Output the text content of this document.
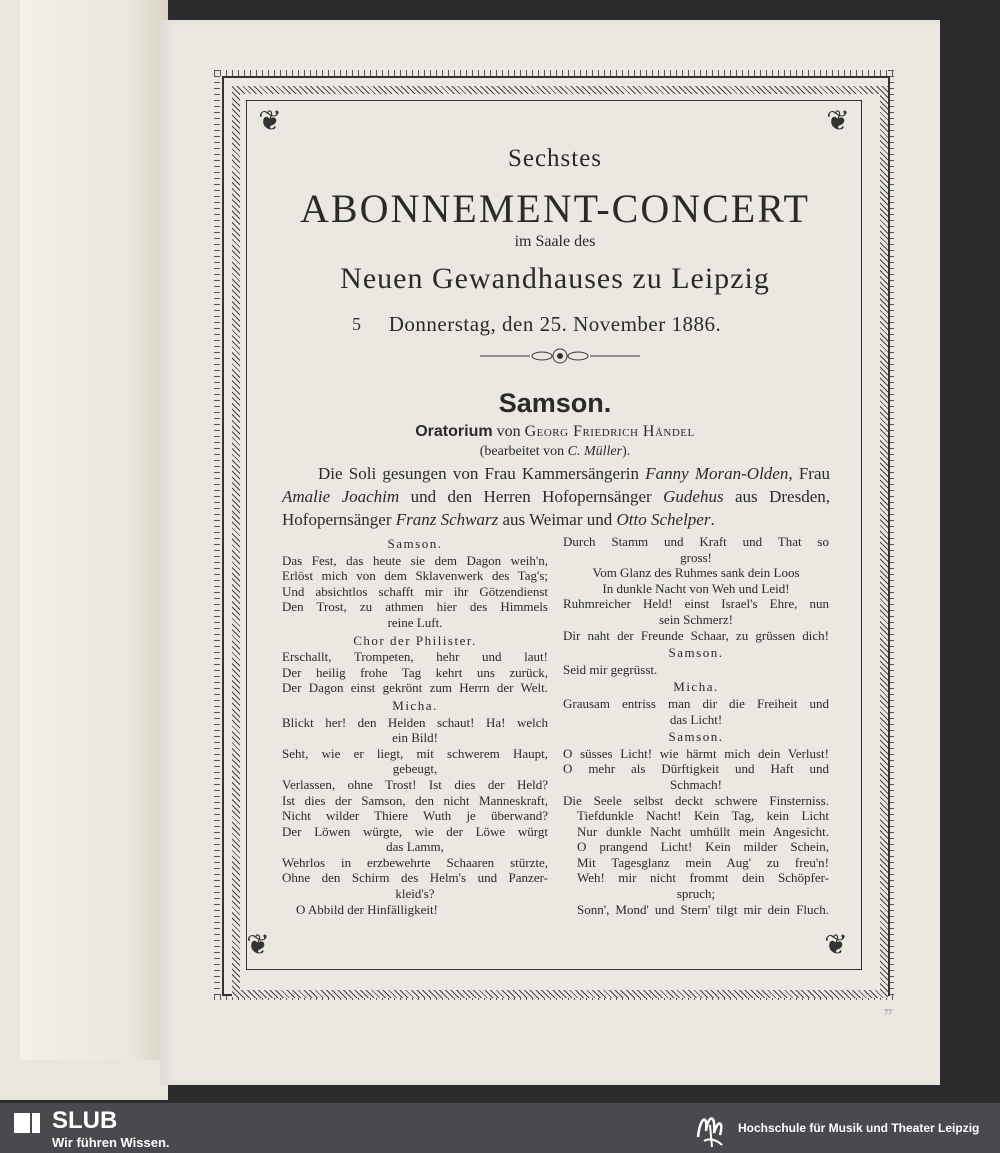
❦	❦
❦	❦
Sechstes
ABONNEMENT-CONCERT
im Saale des
Neuen Gewandhauses zu Leipzig
5	Donnerstag, den 25. November 1886.
Samson.
Oratorium von Georg Friedrich Händel
(bearbeitet von C. Müller).
Die Soli gesungen von Frau Kammersängerin Fanny Moran-Olden, Frau Amalie Joachim und den Herren Hofopernsänger Gudehus aus Dresden, Hofopernsänger Franz Schwarz aus Weimar und Otto Schelper.

Samson.

Das Fest, das heute sie dem Dagon weih'n,

Erlöst mich von dem Sklavenwerk des Tag's;

Und absichtlos schafft mir ihr Götzendienst

Den Trost, zu athmen hier des Himmels

reine Luft.

Chor der Philister.

Erschallt, Trompeten, hehr und laut!

Der heilig frohe Tag kehrt uns zurück,

Der Dagon einst gekrönt zum Herrn der Welt.

Micha.

Blickt her! den Helden schaut! Ha! welch

ein Bild!

Seht, wie er liegt, mit schwerem Haupt,

gebeugt,

Verlassen, ohne Trost! Ist dies der Held?

Ist dies der Samson, den nicht Manneskraft,

Nicht wilder Thiere Wuth je überwand?

Der Löwen würgte, wie der Löwe würgt

das Lamm,

Wehrlos in erzbewehrte Schaaren stürzte,

Ohne den Schirm des Helm's und Panzer-

kleid's?

O Abbild der Hinfälligkeit!

Durch Stamm und Kraft und That so

gross!

Vom Glanz des Ruhmes sank dein Loos

In dunkle Nacht von Weh und Leid!

Ruhmreicher Held! einst Israel's Ehre, nun

sein Schmerz!

Dir naht der Freunde Schaar, zu grüssen dich!

Samson.

Seid mir gegrüsst.

Micha.

Grausam entriss man dir die Freiheit und

das Licht!

Samson.

O süsses Licht! wie härmt mich dein Verlust!

O mehr als Dürftigkeit und Haft und

Schmach!

Die Seele selbst deckt schwere Finsterniss.

Tiefdunkle Nacht! Kein Tag, kein Licht

Nur dunkle Nacht umhüllt mein Angesicht.

O prangend Licht! Kein milder Schein,

Mit Tagesglanz mein Aug' zu freu'n!

Weh! mir nicht frommt dein Schöpfer-

spruch;

Sonn', Mond' und Stern' tilgt mir dein Fluch.

77
SLUB
Wir führen Wissen.
Hochschule für Musik und Theater Leipzig
